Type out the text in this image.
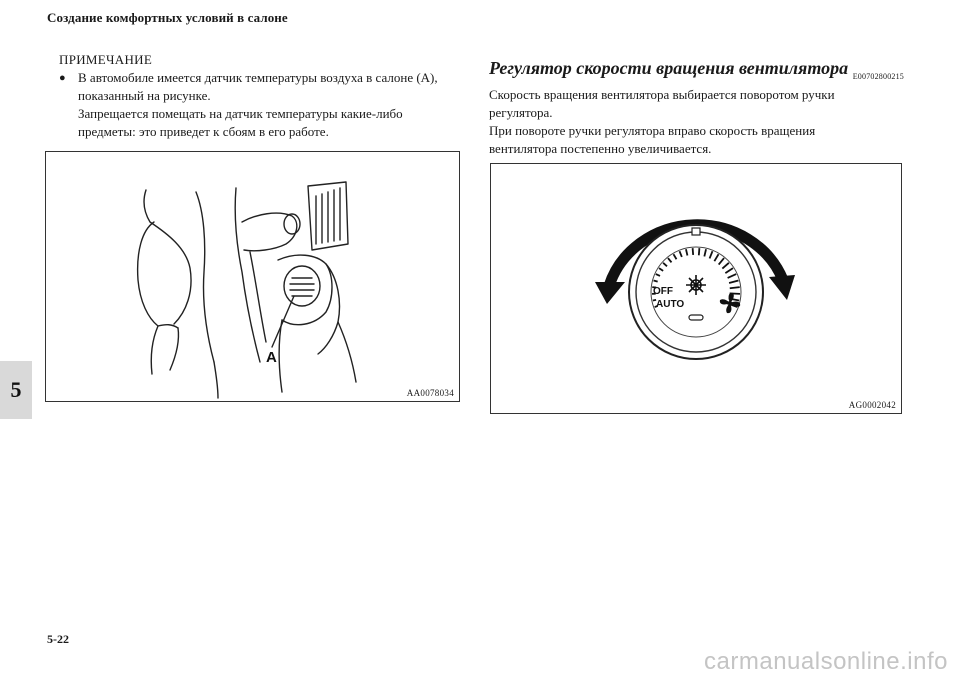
Создание комфортных условий в салоне
5
ПРИМЕЧАНИЕ
● В автомобиле имеется датчик температуры воздуха в салоне (A),

показанный на рисунке.

Запрещается помещать на датчик температуры какие-либо

предметы: это приведет к сбоям в его работе.

A
AA0078034
Регулятор скорости вращения вентилятора E00702800215

Скорость вращения вентилятора выбирается поворотом ручки

регулятора.

При повороте ручки регулятора вправо скорость вращения

вентилятора постепенно увеличивается.

OFF
AUTO
AG0002042
5-22
carmanualsonline.info
